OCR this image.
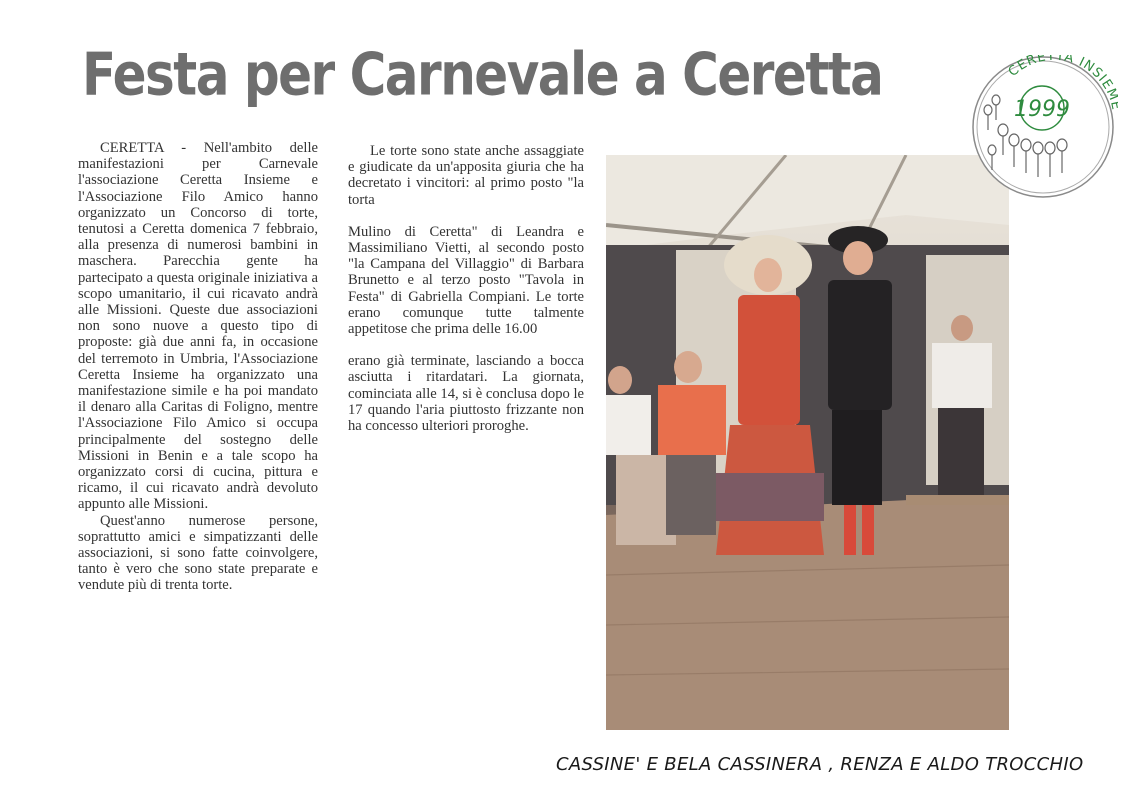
Festa per Carnevale a Ceretta

CERETTA - Nell'ambito delle manifestazioni per Carnevale l'associazione Ceretta Insieme e l'Associazione Filo Amico hanno organizzato un Concorso di torte, tenutosi a Ceretta domenica 7 febbraio, alla presenza di numerosi bambini in maschera. Parecchia gente ha partecipato a questa originale iniziativa a scopo umanitario, il cui ricavato andrà alle Missioni. Queste due associazioni non sono nuove a questo tipo di proposte: già due anni fa, in occasione del terremoto in Umbria, l'Associazione Ceretta Insieme ha organizzato una manifestazione simile e ha poi mandato il denaro alla Caritas di Foligno, mentre l'Associazione Filo Amico si occupa principalmente del sostegno delle Missioni in Benin e a tale scopo ha organizzato corsi di cucina, pittura e ricamo, il cui ricavato andrà devoluto appunto alle Missioni.

Quest'anno numerose persone, soprattutto amici e simpatizzanti delle associazioni, si sono fatte coinvolgere, tanto è vero che sono state preparate e vendute più di trenta torte.

Le torte sono state anche assaggiate e giudicate da un'apposita giuria che ha decretato i vincitori: al primo posto "la torta

Mulino di Ceretta" di Leandra e Massimiliano Vietti, al secondo posto "la Campana del Villaggio" di Barbara Brunetto e al terzo posto "Tavola in Festa" di Gabriella Compiani. Le torte erano comunque tutte talmente appetitose che prima delle 16.00

erano già terminate, lasciando a bocca asciutta i ritardatari. La giornata, cominciata alle 14, si è conclusa dopo le 17 quando l'aria piuttosto frizzante non ha concesso ulteriori proroghe.

1999
CERETTA INSIE
CASSINE' E BELA CASSINERA , RENZA E ALDO TROCCHIO
